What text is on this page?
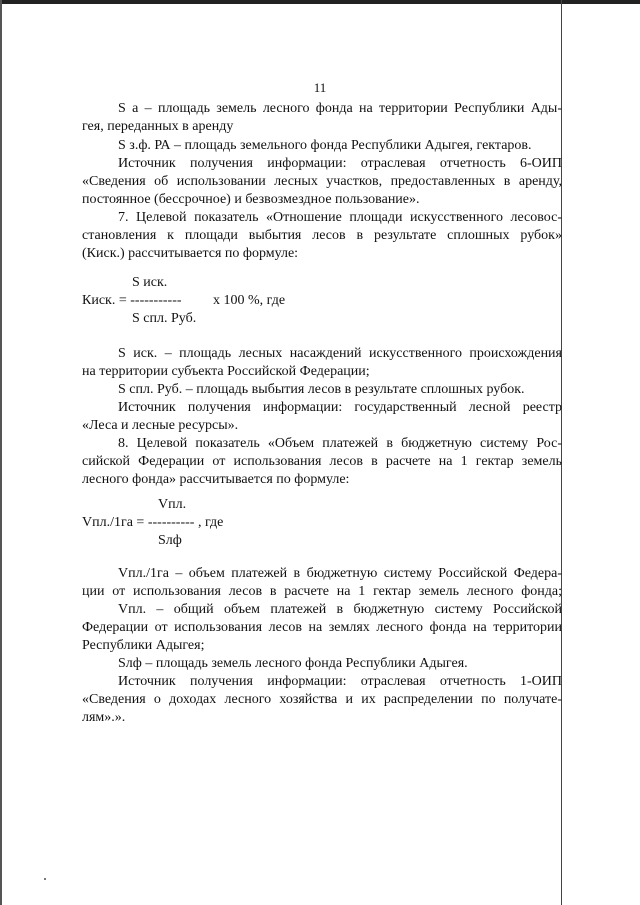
11
S а – площадь земель лесного фонда на территории Республики Ады-
гея, переданных в аренду
S з.ф. РА – площадь земельного фонда Республики Адыгея, гектаров.
Источник получения информации: отраслевая отчетность 6-ОИП
«Сведения об использовании лесных участков, предоставленных в аренду,
постоянное (бессрочное) и безвозмездное пользование».
7. Целевой показатель «Отношение площади искусственного лесовос-
становления к площади выбытия лесов в результате сплошных рубок»
(Киск.) рассчитывается по формуле:
S иск.
Киск. = ----------- х 100 %, где
S спл. Руб.
S иск. – площадь лесных насаждений искусственного происхождения
на территории субъекта Российской Федерации;
S спл. Руб. – площадь выбытия лесов в результате сплошных рубок.
Источник получения информации: государственный лесной реестр
«Леса и лесные ресурсы».
8. Целевой показатель «Объем платежей в бюджетную систему Рос-
сийской Федерации от использования лесов в расчете на 1 гектар земель
лесного фонда» рассчитывается по формуле:
Vпл.
Vпл./1га = ---------- , где
Sлф
Vпл./1га – объем платежей в бюджетную систему Российской Федера-
ции от использования лесов в расчете на 1 гектар земель лесного фонда;
Vпл. – общий объем платежей в бюджетную систему Российской
Федерации от использования лесов на землях лесного фонда на территории
Республики Адыгея;
Sлф – площадь земель лесного фонда Республики Адыгея.
Источник получения информации: отраслевая отчетность 1-ОИП
«Сведения о доходах лесного хозяйства и их распределении по получате-
лям».».
